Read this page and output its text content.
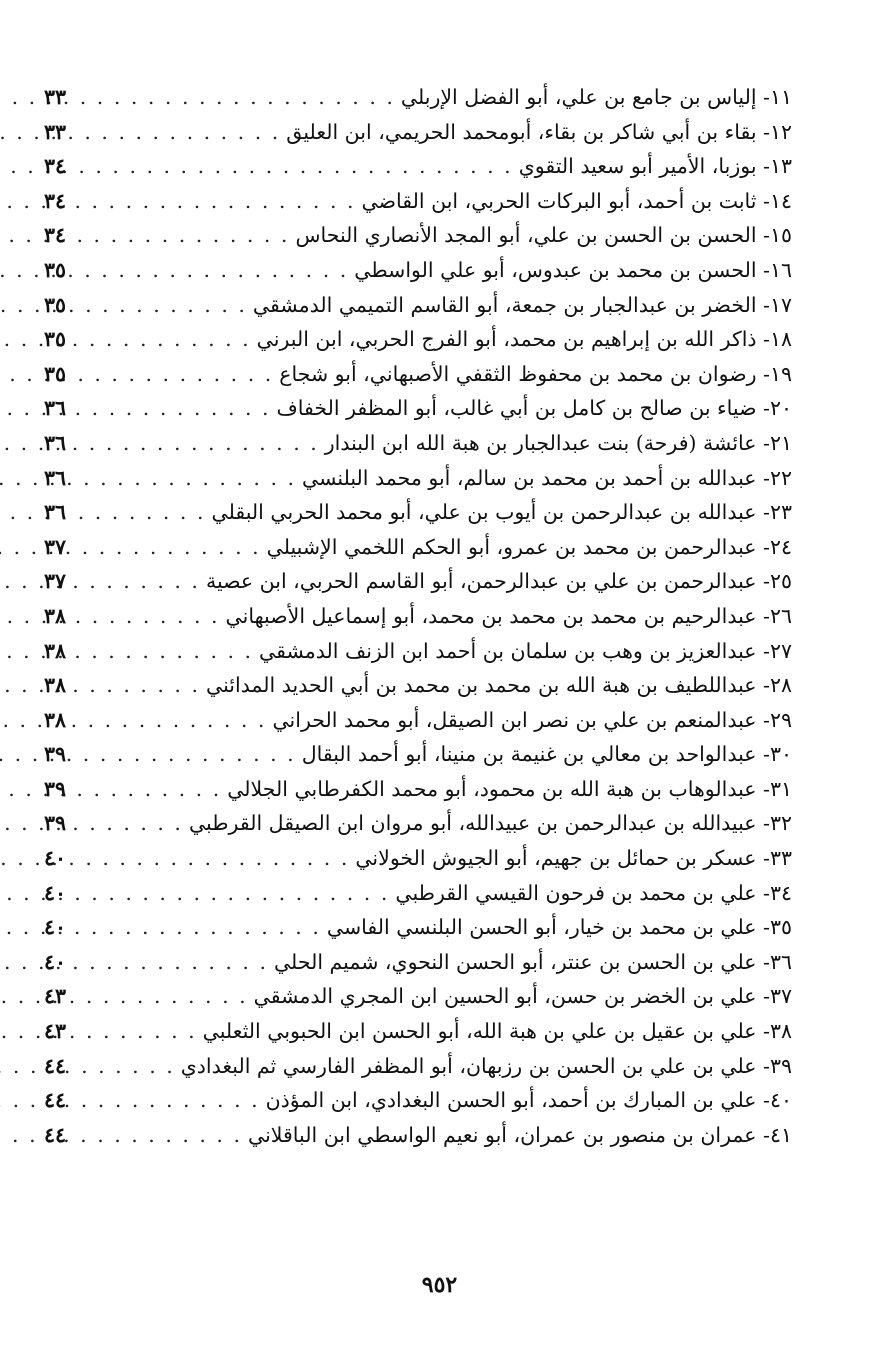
١١- إلياس بن جامع بن علي، أبو الفضل الإربلي
. . .
٣٣
١٢- بقاء بن أبي شاكر بن بقاء، أبومحمد الحريمي، ابن العليق
. . .
٣٣
١٣- بوزبا، الأمير أبو سعيد التقوي
. . .
٣٤
١٤- ثابت بن أحمد، أبو البركات الحربي، ابن القاضي
. . .
٣٤
١٥- الحسن بن الحسن بن علي، أبو المجد الأنصاري النحاس
. . .
٣٤
١٦- الحسن بن محمد بن عبدوس، أبو علي الواسطي
. . .
٣٥
١٧- الخضر بن عبدالجبار بن جمعة، أبو القاسم التميمي الدمشقي
. . .
٣٥
١٨- ذاكر الله بن إبراهيم بن محمد، أبو الفرج الحربي، ابن البرني
. . .
٣٥
١٩- رضوان بن محمد بن محفوظ الثقفي الأصبهاني، أبو شجاع
. . .
٣٥
٢٠- ضياء بن صالح بن كامل بن أبي غالب، أبو المظفر الخفاف
. . .
٣٦
٢١- عائشة (فرحة) بنت عبدالجبار بن هبة الله ابن البندار
. . .
٣٦
٢٢- عبدالله بن أحمد بن محمد بن سالم، أبو محمد البلنسي
. . .
٣٦
٢٣- عبدالله بن عبدالرحمن بن أيوب بن علي، أبو محمد الحربي البقلي
. . .
٣٦
٢٤- عبدالرحمن بن محمد بن عمرو، أبو الحكم اللخمي الإشبيلي
. . .
٣٧
٢٥- عبدالرحمن بن علي بن عبدالرحمن، أبو القاسم الحربي، ابن عصية
. . .
٣٧
٢٦- عبدالرحيم بن محمد بن محمد بن محمد، أبو إسماعيل الأصبهاني
. . .
٣٨
٢٧- عبدالعزيز بن وهب بن سلمان بن أحمد ابن الزنف الدمشقي
. . .
٣٨
٢٨- عبداللطيف بن هبة الله بن محمد بن محمد بن أبي الحديد المدائني
. . .
٣٨
٢٩- عبدالمنعم بن علي بن نصر ابن الصيقل، أبو محمد الحراني
. . .
٣٨
٣٠- عبدالواحد بن معالي بن غنيمة بن منينا، أبو أحمد البقال
. . .
٣٩
٣١- عبدالوهاب بن هبة الله بن محمود، أبو محمد الكفرطابي الجلالي
. . .
٣٩
٣٢- عبيدالله بن عبدالرحمن بن عبيدالله، أبو مروان ابن الصيقل القرطبي
. . .
٣٩
٣٣- عسكر بن حمائل بن جهيم، أبو الجيوش الخولاني
. . .
٤٠
٣٤- علي بن محمد بن فرحون القيسي القرطبي
. . .
٤٠
٣٥- علي بن محمد بن خيار، أبو الحسن البلنسي الفاسي
. . .
٤٠
٣٦- علي بن الحسن بن عنتر، أبو الحسن النحوي، شميم الحلي
. . .
٤٠
٣٧- علي بن الخضر بن حسن، أبو الحسين ابن المجري الدمشقي
. . .
٤٣
٣٨- علي بن عقيل بن علي بن هبة الله، أبو الحسن ابن الحبوبي الثعلبي
. . .
٤٣
٣٩- علي بن علي بن الحسن بن رزبهان، أبو المظفر الفارسي ثم البغدادي
. . .
٤٤
٤٠- علي بن المبارك بن أحمد، أبو الحسن البغدادي، ابن المؤذن
. . .
٤٤
٤١- عمران بن منصور بن عمران، أبو نعيم الواسطي ابن الباقلاني
. . .
٤٤
٩٥٢
